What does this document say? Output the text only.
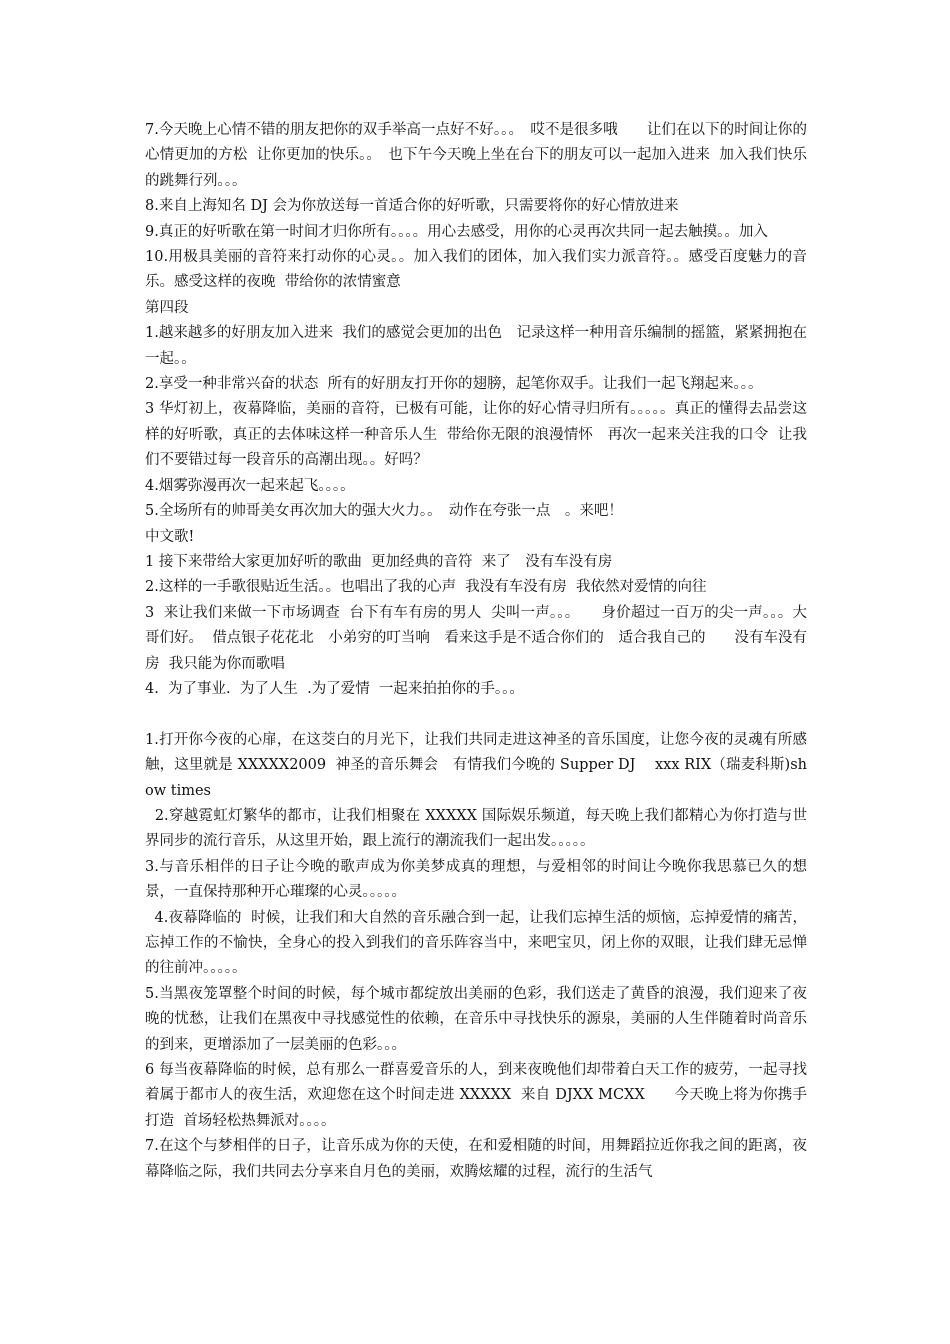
7.今天晚上心情不错的朋友把你的双手举高一点好不好。。。　哎不是很多哦　　让们在以下的时间让你的心情更加的方松  让你更加的快乐。。　也下午今天晚上坐在台下的朋友可以一起加入进来  加入我们快乐的跳舞行列。。。

8.来自上海知名 DJ 会为你放送每一首适合你的好听歌，只需要将你的好心情放进来

9.真正的好听歌在第一时间才归你所有。。。。用心去感受，用你的心灵再次共同一起去触摸。。加入

10.用极具美丽的音符来打动你的心灵。。加入我们的团体，加入我们实力派音符。。感受百度魅力的音乐。感受这样的夜晚  带给你的浓情蜜意

第四段

1.越来越多的好朋友加入进来  我们的感觉会更加的出色　记录这样一种用音乐编制的摇篮，紧紧拥抱在一起。。

2.享受一种非常兴奋的状态  所有的好朋友打开你的翅膀，起笔你双手。让我们一起飞翔起来。。。

3 华灯初上，夜幕降临，美丽的音符，已极有可能，让你的好心情寻归所有。。。。。真正的懂得去品尝这样的好听歌，真正的去体味这样一种音乐人生  带给你无限的浪漫情怀　再次一起来关注我的口令  让我们不要错过每一段音乐的高潮出现。。好吗？

4.烟雾弥漫再次一起来起飞。。。。

5.全场所有的帅哥美女再次加大的强大火力。。　动作在夸张一点　。来吧！

中文歌!

1 接下来带给大家更加好听的歌曲  更加经典的音符  来了　没有车没有房

2.这样的一手歌很贴近生活。。也唱出了我的心声  我没有车没有房  我依然对爱情的向往

3  来让我们来做一下市场调查  台下有车有房的男人  尖叫一声。。。　　身价超过一百万的尖一声。。。大哥们好。  借点银子花花北　小弟穷的叮当响　看来这手是不适合你们的　适合我自己的　　没有车没有房  我只能为你而歌唱

4.  为了事业.  为了人生  .为了爱情  一起来拍拍你的手。。。

1.打开你今夜的心扉，在这茭白的月光下，让我们共同走进这神圣的音乐国度，让您今夜的灵魂有所感触，这里就是 XXXXX2009  神圣的音乐舞会　有情我们今晚的 Supper DJ　 xxx RIX（瑞麦科斯)show times

2.穿越霓虹灯繁华的都市，让我们相聚在 XXXXX 国际娱乐频道，每天晚上我们都精心为你打造与世界同步的流行音乐，从这里开始，跟上流行的潮流我们一起出发。。。。。

3.与音乐相伴的日子让今晚的歌声成为你美梦成真的理想，与爱相邻的时间让今晚你我思慕已久的想景，一直保持那种开心璀璨的心灵。。。。。

4.夜幕降临的  时候，让我们和大自然的音乐融合到一起，让我们忘掉生活的烦恼，忘掉爱情的痛苦，忘掉工作的不愉快，全身心的投入到我们的音乐阵容当中，来吧宝贝，闭上你的双眼，让我们肆无忌惮的往前冲。。。。。

5.当黑夜笼罩整个时间的时候，每个城市都绽放出美丽的色彩，我们送走了黄昏的浪漫，我们迎来了夜晚的忧愁，让我们在黑夜中寻找感觉性的依赖，在音乐中寻找快乐的源泉，美丽的人生伴随着时尚音乐的到来，更增添加了一层美丽的色彩。。。

6 每当夜幕降临的时候，总有那么一群喜爱音乐的人，到来夜晚他们却带着白天工作的疲劳，一起寻找着属于都市人的夜生活，欢迎您在这个时间走进 XXXXX  来自 DJXX MCXX　　今天晚上将为你携手打造  首场轻松热舞派对。。。。

7.在这个与梦相伴的日子，让音乐成为你的天使，在和爱相随的时间，用舞蹈拉近你我之间的距离，夜幕降临之际，我们共同去分享来自月色的美丽，欢腾炫耀的过程，流行的生活气
